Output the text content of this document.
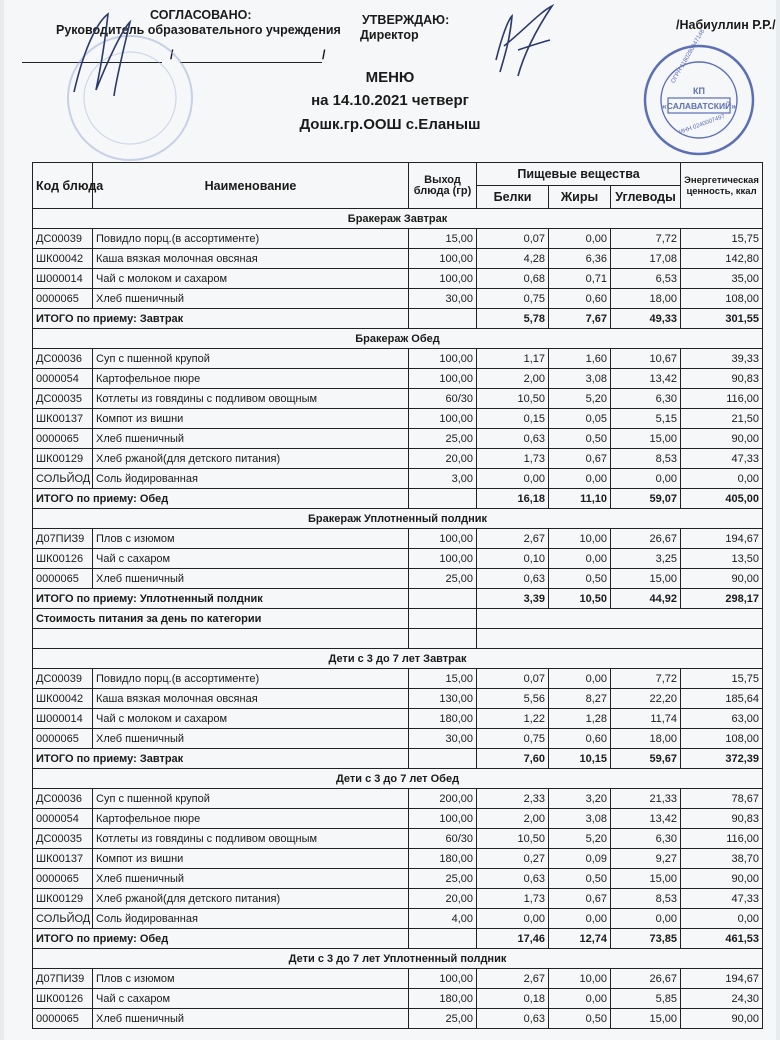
СОГЛАСОВАНО:
Руководитель образовательного учреждения
/	/
УТВЕРЖДАЮ:
Директор
/Набиуллин Р.Р./
МЕНЮ
на 14.10.2021 четверг
Дошк.гр.ООШ с.Еланыш
КП
«САЛАВАТСКИЙ»
ОГРН 1180280047148
ИНН 0240007497
Код блюда	Наименование	Выход блюда (гр)	Пищевые вещества			Энергетическая ценность, ккал
			Белки	Жиры	Углеводы	
Бракераж Завтрак						
ДС00039	Повидло порц.(в ассортименте)	15,00	0,07	0,00	7,72	15,75
ШК00042	Каша вязкая молочная овсяная	100,00	4,28	6,36	17,08	142,80
Ш000014	Чай с молоком и сахаром	100,00	0,68	0,71	6,53	35,00
0000065	Хлеб пшеничный	30,00	0,75	0,60	18,00	108,00
ИТОГО по приему: Завтрак			5,78	7,67	49,33	301,55
Бракераж Обед						
ДС00036	Суп с пшенной крупой	100,00	1,17	1,60	10,67	39,33
0000054	Картофельное пюре	100,00	2,00	3,08	13,42	90,83
ДС00035	Котлеты из говядины с подливом овощным	60/30	10,50	5,20	6,30	116,00
ШК00137	Компот из вишни	100,00	0,15	0,05	5,15	21,50
0000065	Хлеб пшеничный	25,00	0,63	0,50	15,00	90,00
ШК00129	Хлеб ржаной(для детского питания)	20,00	1,73	0,67	8,53	47,33
СОЛЬЙОД	Соль йодированная	3,00	0,00	0,00	0,00	0,00
ИТОГО по приему: Обед			16,18	11,10	59,07	405,00
Бракераж Уплотненный полдник						
Д07ПИЗ9	Плов с изюмом	100,00	2,67	10,00	26,67	194,67
ШК00126	Чай с сахаром	100,00	0,10	0,00	3,25	13,50
0000065	Хлеб пшеничный	25,00	0,63	0,50	15,00	90,00
ИТОГО по приему: Уплотненный полдник			3,39	10,50	44,92	298,17
Стоимость питания за день по категории						

Дети с 3 до 7 лет Завтрак						
ДС00039	Повидло порц.(в ассортименте)	15,00	0,07	0,00	7,72	15,75
ШК00042	Каша вязкая молочная овсяная	130,00	5,56	8,27	22,20	185,64
Ш000014	Чай с молоком и сахаром	180,00	1,22	1,28	11,74	63,00
0000065	Хлеб пшеничный	30,00	0,75	0,60	18,00	108,00
ИТОГО по приему: Завтрак			7,60	10,15	59,67	372,39
Дети с 3 до 7 лет Обед						
ДС00036	Суп с пшенной крупой	200,00	2,33	3,20	21,33	78,67
0000054	Картофельное пюре	100,00	2,00	3,08	13,42	90,83
ДС00035	Котлеты из говядины с подливом овощным	60/30	10,50	5,20	6,30	116,00
ШК00137	Компот из вишни	180,00	0,27	0,09	9,27	38,70
0000065	Хлеб пшеничный	25,00	0,63	0,50	15,00	90,00
ШК00129	Хлеб ржаной(для детского питания)	20,00	1,73	0,67	8,53	47,33
СОЛЬЙОД	Соль йодированная	4,00	0,00	0,00	0,00	0,00
ИТОГО по приему: Обед			17,46	12,74	73,85	461,53
Дети с 3 до 7 лет Уплотненный полдник						
Д07ПИЗ9	Плов с изюмом	100,00	2,67	10,00	26,67	194,67
ШК00126	Чай с сахаром	180,00	0,18	0,00	5,85	24,30
0000065	Хлеб пшеничный	25,00	0,63	0,50	15,00	90,00
